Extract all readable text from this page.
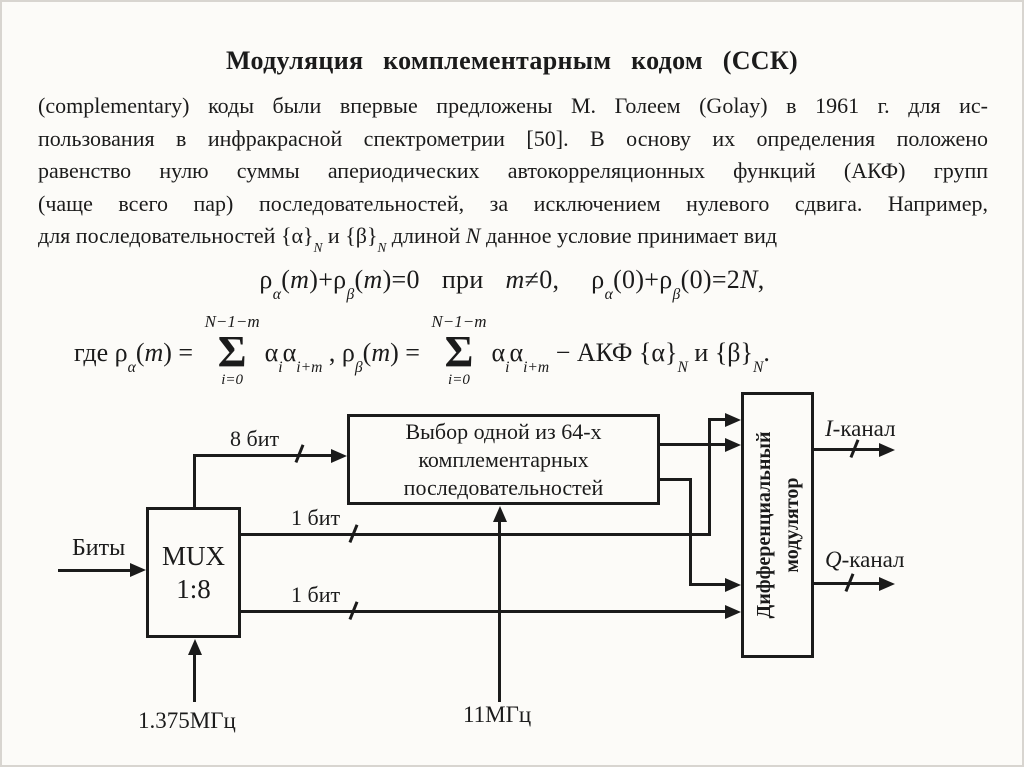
Модуляция комплементарным кодом (ССК)
(complementary) коды были впервые предложены М. Голеем (Golay) в 1961 г. для ис-
пользования в инфракрасной спектрометрии [50]. В основу их определения положено
равенство нулю суммы апериодических автокорреляционных функций (АКФ) групп
(чаще всего пар) последовательностей, за исключением нулевого сдвига. Например,
для последовательностей $\{\alpha\}_N$ и $\{\beta\}_N$ длиной N данное условие принимает вид
$\rho_\alpha(m)+\rho_\beta(m)=0$ при m≠0, $\rho_\alpha(0)+\rho_\beta(0)=2N$,
где $\rho_\alpha(m)$ =
N−1−m
Σ
i=0
$\alpha_i\alpha_{i+m}$ , $\rho_\beta(m)$ =
N−1−m
Σ
i=0
$\alpha_i\alpha_{i+m}$ − АКФ $\{\alpha\}_N$ и $\{\beta\}_N$.
MUX
1:8
Выбор одной из 64-х
комплементарных
последовательностей	Дифференциальный модулятор
Биты
8 бит
1 бит
1 бит
1.375МГц	11МГц
I-канал
Q-канал
